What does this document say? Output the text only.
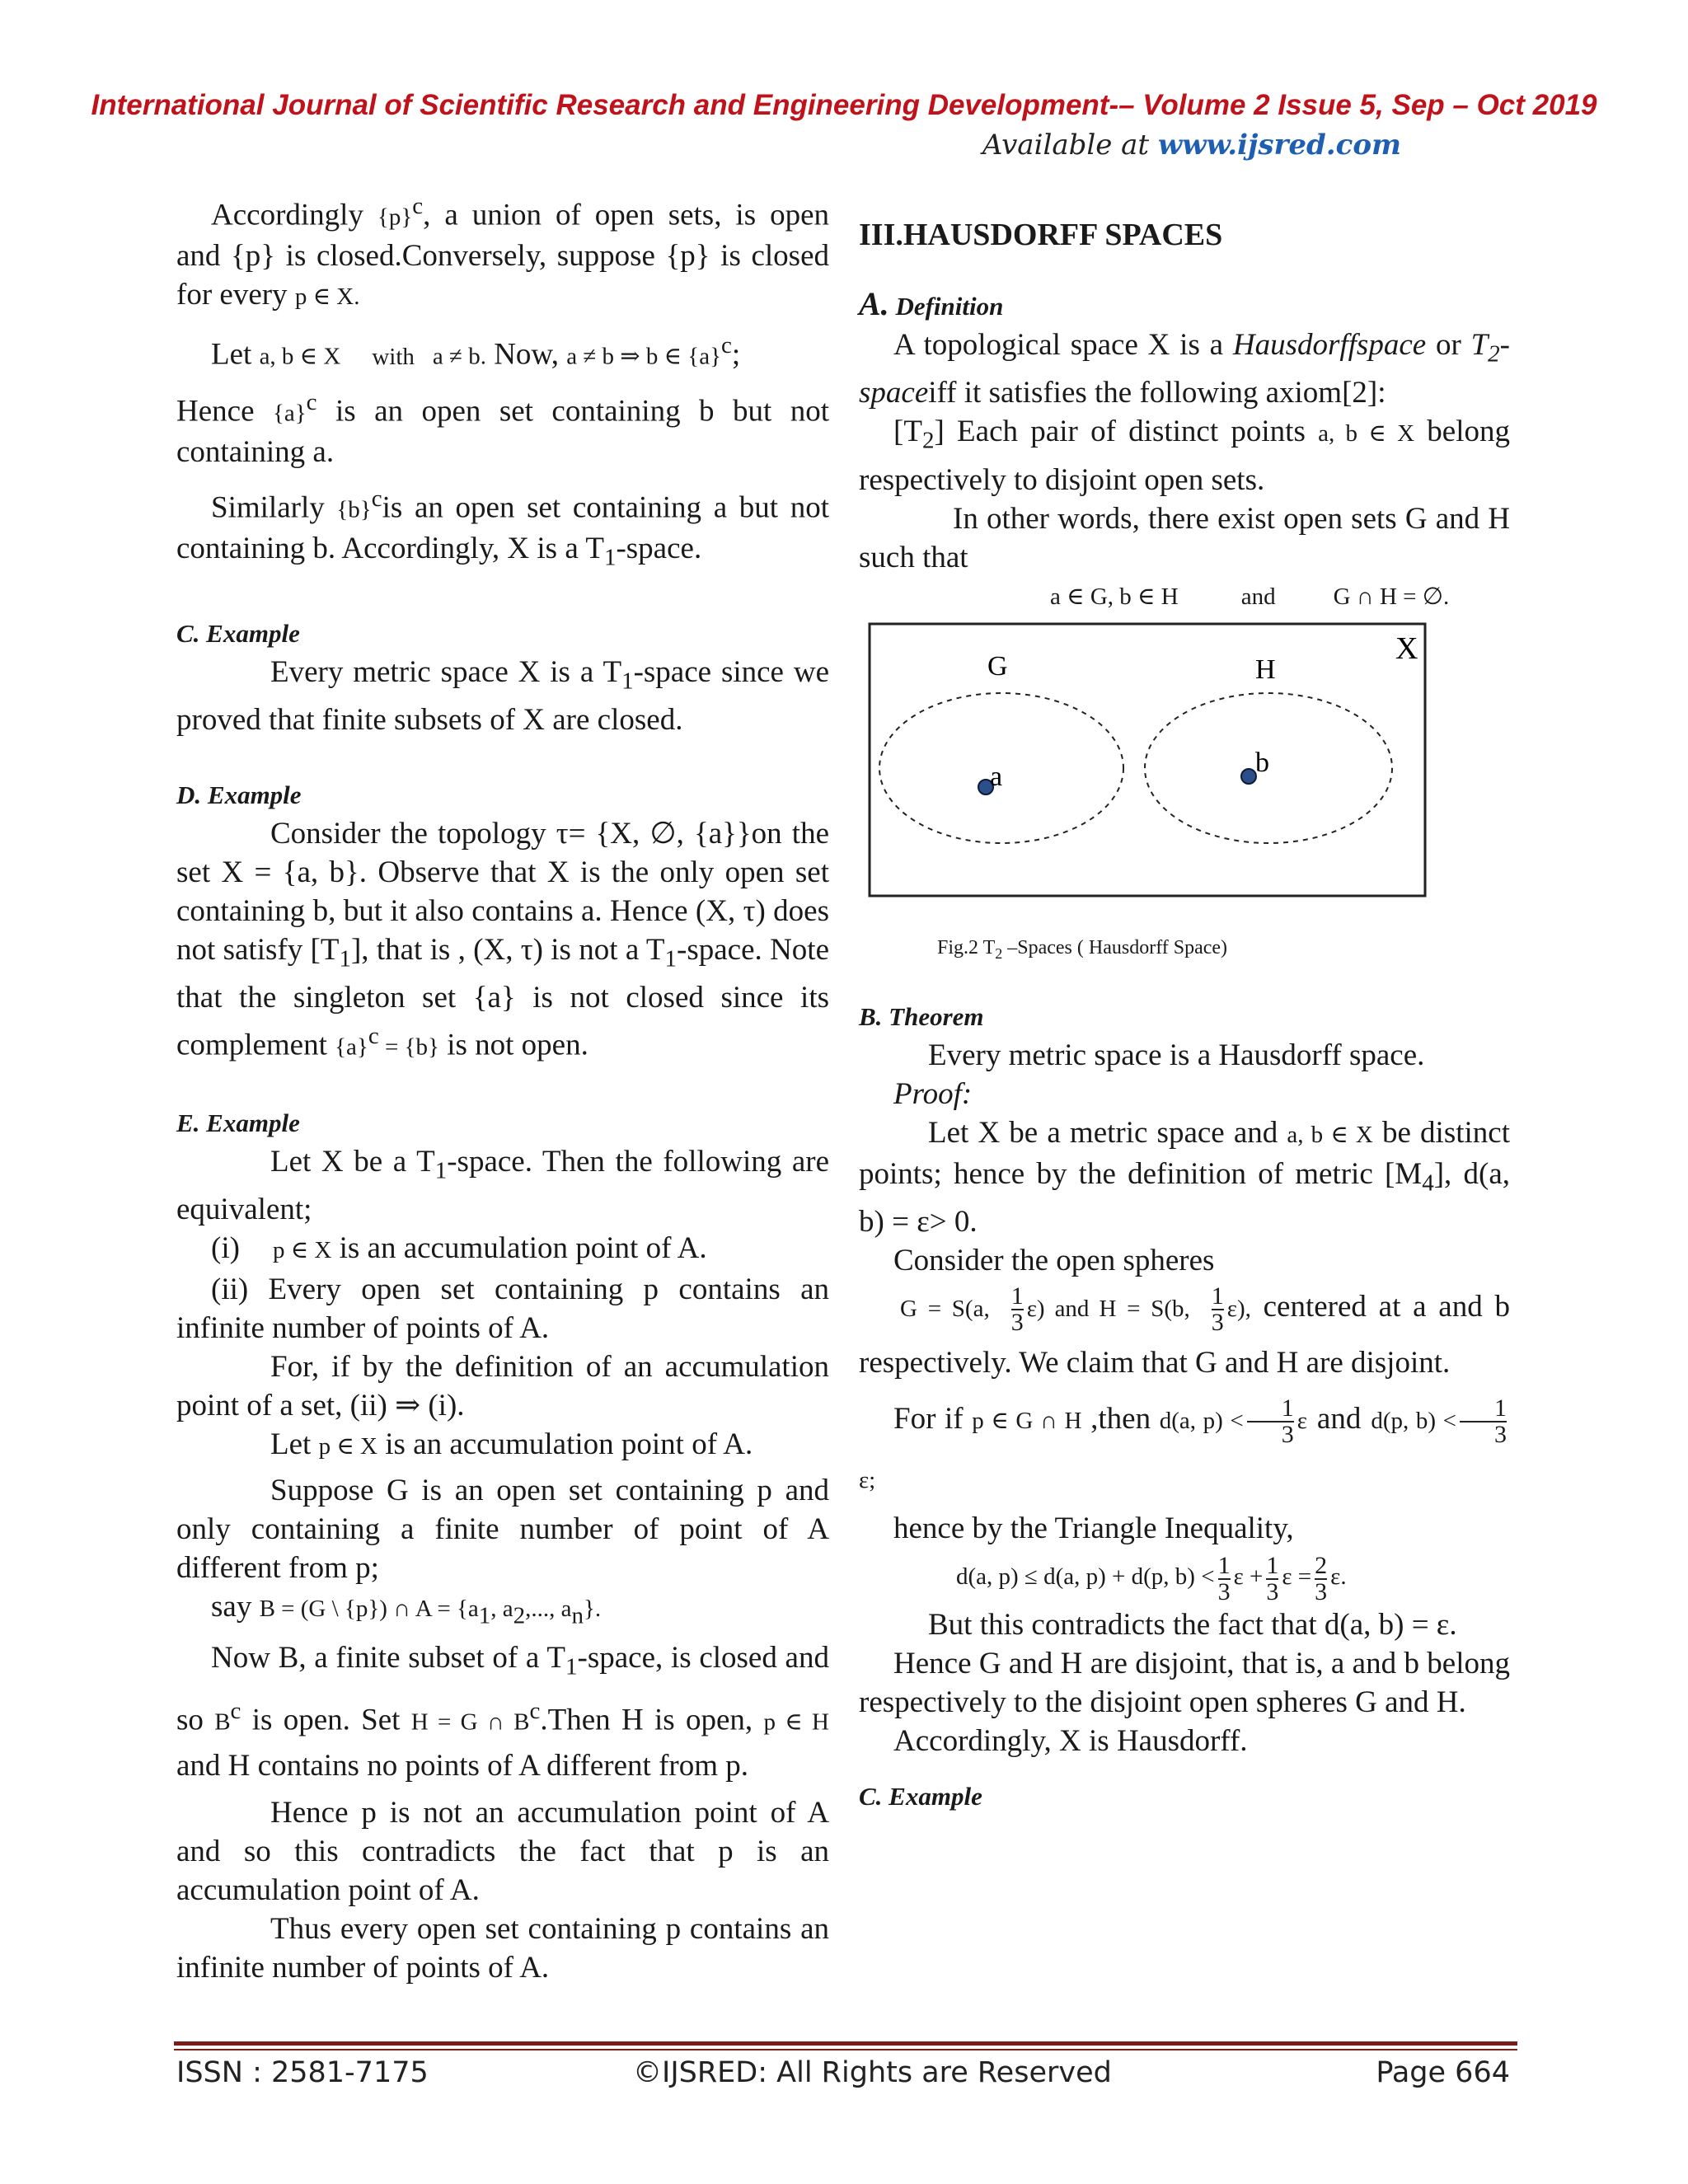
International Journal of Scientific Research and Engineering Development-– Volume 2 Issue 5, Sep – Oct 2019
Available at www.ijsred.com

Accordingly $\{p\}^c$, a union of open sets, is open and {p} is closed.Conversely, suppose {p} is closed for every p ∈ X.

Let a, b ∈ X with a ≠ b. Now, a ≠ b ⇒ b ∈ $\{a\}^c$;

Hence $\{a\}^c$ is an open set containing b but not containing a.

Similarly $\{b\}^cis$ an open set containing a but not containing b. Accordingly, X is a $T_1$-space.

C. Example

Every metric space X is a $T_1$-space since we proved that finite subsets of X are closed.

D. Example

Consider the topology τ= {X, ∅, {a}}on the set X = {a, b}. Observe that X is the only open set containing b, but it also contains a. Hence (X, τ) does not satisfy $[T_1]$, that is , (X, τ) is not a $T_1$-space. Note that the singleton set {a} is not closed since its complement $\{a\}^c = \{b\}$ is not open.

E. Example

Let X be a $T_1$-space. Then the following are equivalent;

(i) p ∈ X is an accumulation point of A.

(ii) Every open set containing p contains an infinite number of points of A.

For, if by the definition of an accumulation point of a set, (ii) ⇒ (i).

Let p ∈ X is an accumulation point of A.

Suppose G is an open set containing p and only containing a finite number of point of A different from p;

say B = (G \ {p}) ∩ $A = \{a_1$, $a_2$,..., $a_n$}.

Now B, a finite subset of a $T_1$-space, is closed and so $B^c$ is open. Set H = G ∩ $B^c.Then$ H is open, p ∈ H and H contains no points of A different from p.

Hence p is not an accumulation point of A and so this contradicts the fact that p is an accumulation point of A.

Thus every open set containing p contains an infinite number of points of A.

III.HAUSDORFF SPACES

A. Definition

A topological space X is a Hausdorffspace or $T_2$-spaceiff it satisfies the following axiom[2]:

$[T_2]$ Each pair of distinct points a, b ∈ X belong respectively to disjoint open sets.

In other words, there exist open sets G and H such that

a ∈ G, b ∈ H	and G ∩ H = ∅.

X
G	H
a	b
Fig.2 $T_2$ –Spaces ( Hausdorff Space)

B. Theorem

Every metric space is a Hausdorff space.

Proof:

Let X be a metric space and a, b ∈ X be distinct points; hence by the definition of metric $[M_4]$, d(a, b) = ε> 0.

Consider the open spheres

G = S(a, $\frac{1}{3} \varepsilon$) and H = S(b, $\frac{1}{3} \varepsilon$), centered at a and b respectively. We claim that G and H are disjoint.

For if p ∈ G ∩ H ,then d(a, $p) < \frac{1}{3}$ ε and d(p, $b) < \frac{1}{3}$
ε;

hence by the Triangle Inequality,

d(a, p) ≤ d(a, p) + d(p, $b) < \frac{1}{3}$ $\varepsilon + \frac{1}{3}$ $\varepsilon = \frac{2}{3} \varepsilon$.

But this contradicts the fact that d(a, b) = ε.

Hence G and H are disjoint, that is, a and b belong respectively to the disjoint open spheres G and H.

Accordingly, X is Hausdorff.

C. Example

ISSN : 2581-7175	©IJSRED: All Rights are Reserved	Page 664
